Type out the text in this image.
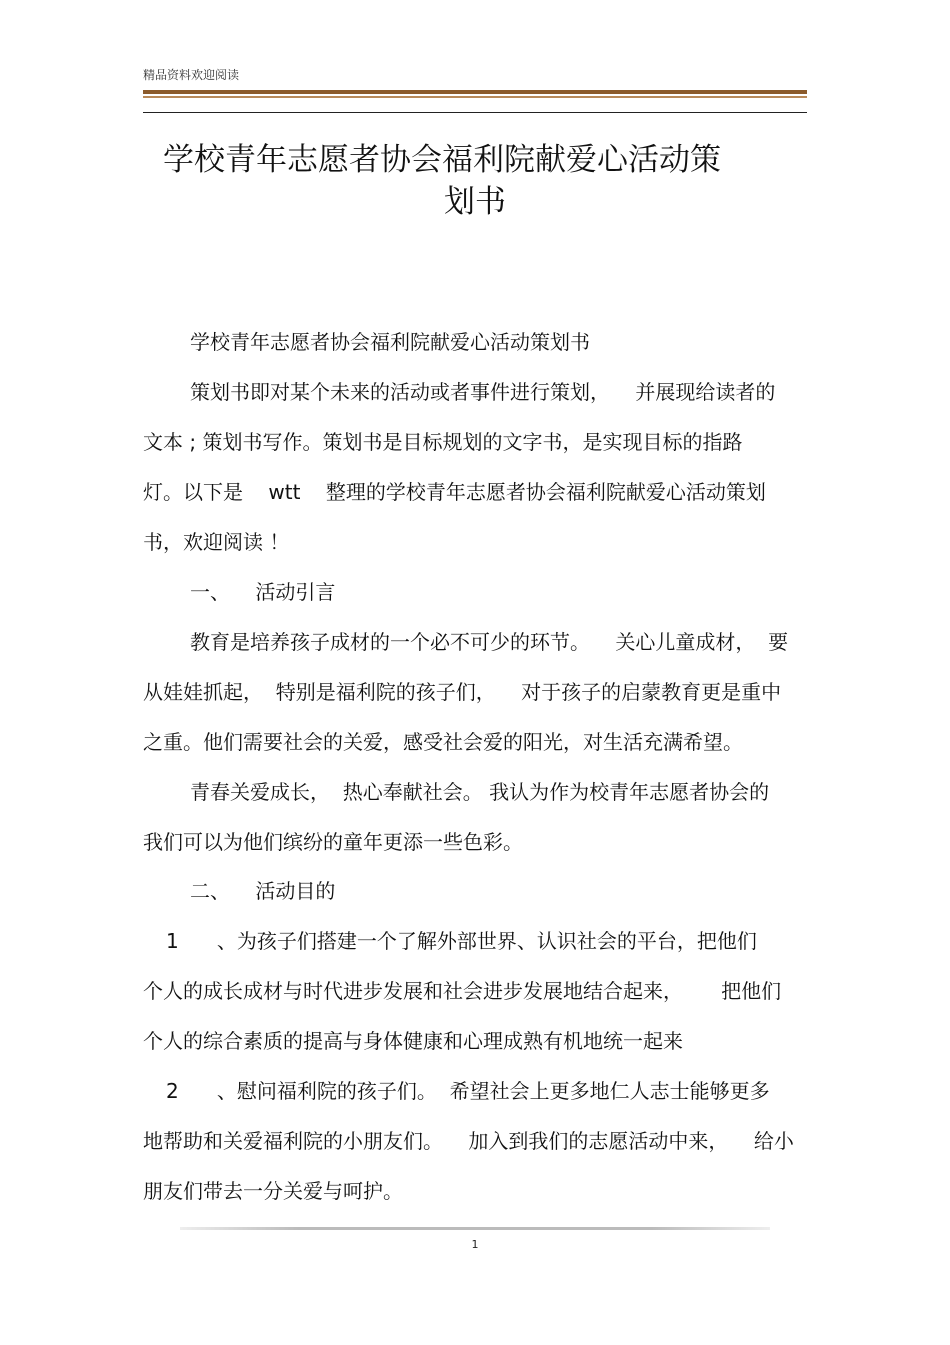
精品资料欢迎阅读
学校青年志愿者协会福利院献爱心活动策
划书
学校青年志愿者协会福利院献爱心活动策划书
策划书即对某个未来的活动或者事件进行策划，    并展现给读者的
文本 ; 策划书写作。策划书是目标规划的文字书，是实现目标的指路
灯。以下是    wtt    整理的学校青年志愿者协会福利院献爱心活动策划
书，欢迎阅读 ！
一、    活动引言
教育是培养孩子成材的一个必不可少的环节。    关心儿童成材，  要
从娃娃抓起，  特别是福利院的孩子们，    对于孩子的启蒙教育更是重中
之重。他们需要社会的关爱，感受社会爱的阳光，对生活充满希望。
青春关爱成长，  热心奉献社会。 我认为作为校青年志愿者协会的
我们可以为他们缤纷的童年更添一些色彩。
二、    活动目的
1      、为孩子们搭建一个了解外部世界、认识社会的平台，把他们
个人的成长成材与时代进步发展和社会进步发展地结合起来，      把他们
个人的综合素质的提高与身体健康和心理成熟有机地统一起来
2      、慰问福利院的孩子们。  希望社会上更多地仁人志士能够更多
地帮助和关爱福利院的小朋友们。    加入到我们的志愿活动中来，    给小
朋友们带去一分关爱与呵护。
1
